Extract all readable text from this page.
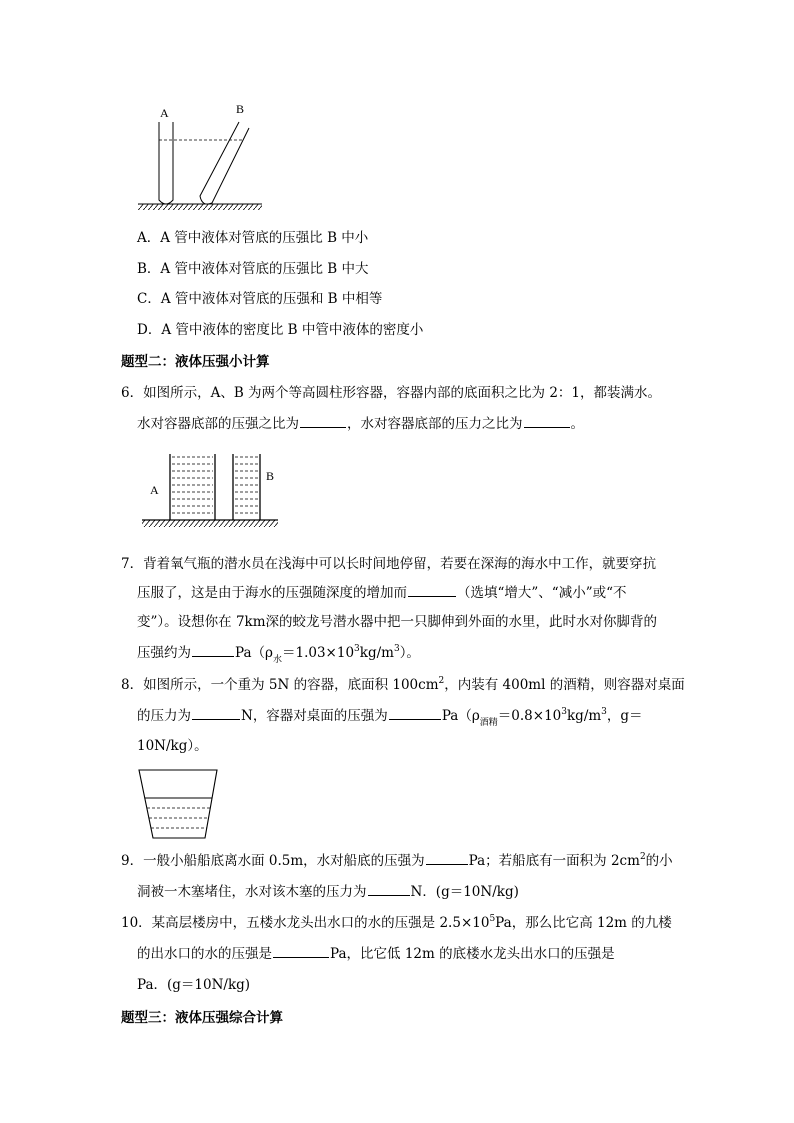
A	B
A．A 管中液体对管底的压强比 B 中小
B．A 管中液体对管底的压强比 B 中大
C．A 管中液体对管底的压强和 B 中相等
D．A 管中液体的密度比 B 中管中液体的密度小
题型二：液体压强小计算
6．如图所示，A、B 为两个等高圆柱形容器，容器内部的底面积之比为 2：1，都装满水。
水对容器底部的压强之比为	，水对容器底部的压力之比为	。
A
B
7．背着氧气瓶的潜水员在浅海中可以长时间地停留，若要在深海的海水中工作，就要穿抗
压服了，这是由于海水的压强随深度的增加而	（选填“增大”、“减小”或“不
变”）。设想你在 7km深的蛟龙号潜水器中把一只脚伸到外面的水里，此时水对你脚背的
压强约为	$Pa(\rho_水=1.03\times 10^3kg/m^3)$。
8．如图所示，一个重为 5N 的容器，底面积 $100cm^2$，内装有 400ml 的酒精，则容器对桌面
的压力为	N，容器对桌面的压强为	$Pa(\rho_{酒精}=0.8\times 10^3kg/m^3$，g＝
10N/kg）。
9．一般小船船底离水面 0.5m，水对船底的压强为	Pa；若船底有一面积为 $2cm^2$的小
洞被一木塞堵住，水对该木塞的压力为	N．(g＝10N/kg)
10．某高层楼房中，五楼水龙头出水口的水的压强是 $2.5\times 10^5Pa$，那么比它高 12m 的九楼
的出水口的水的压强是	Pa，比它低 12m 的底楼水龙头出水口的压强是
Pa．(g＝10N/kg)
题型三：液体压强综合计算
